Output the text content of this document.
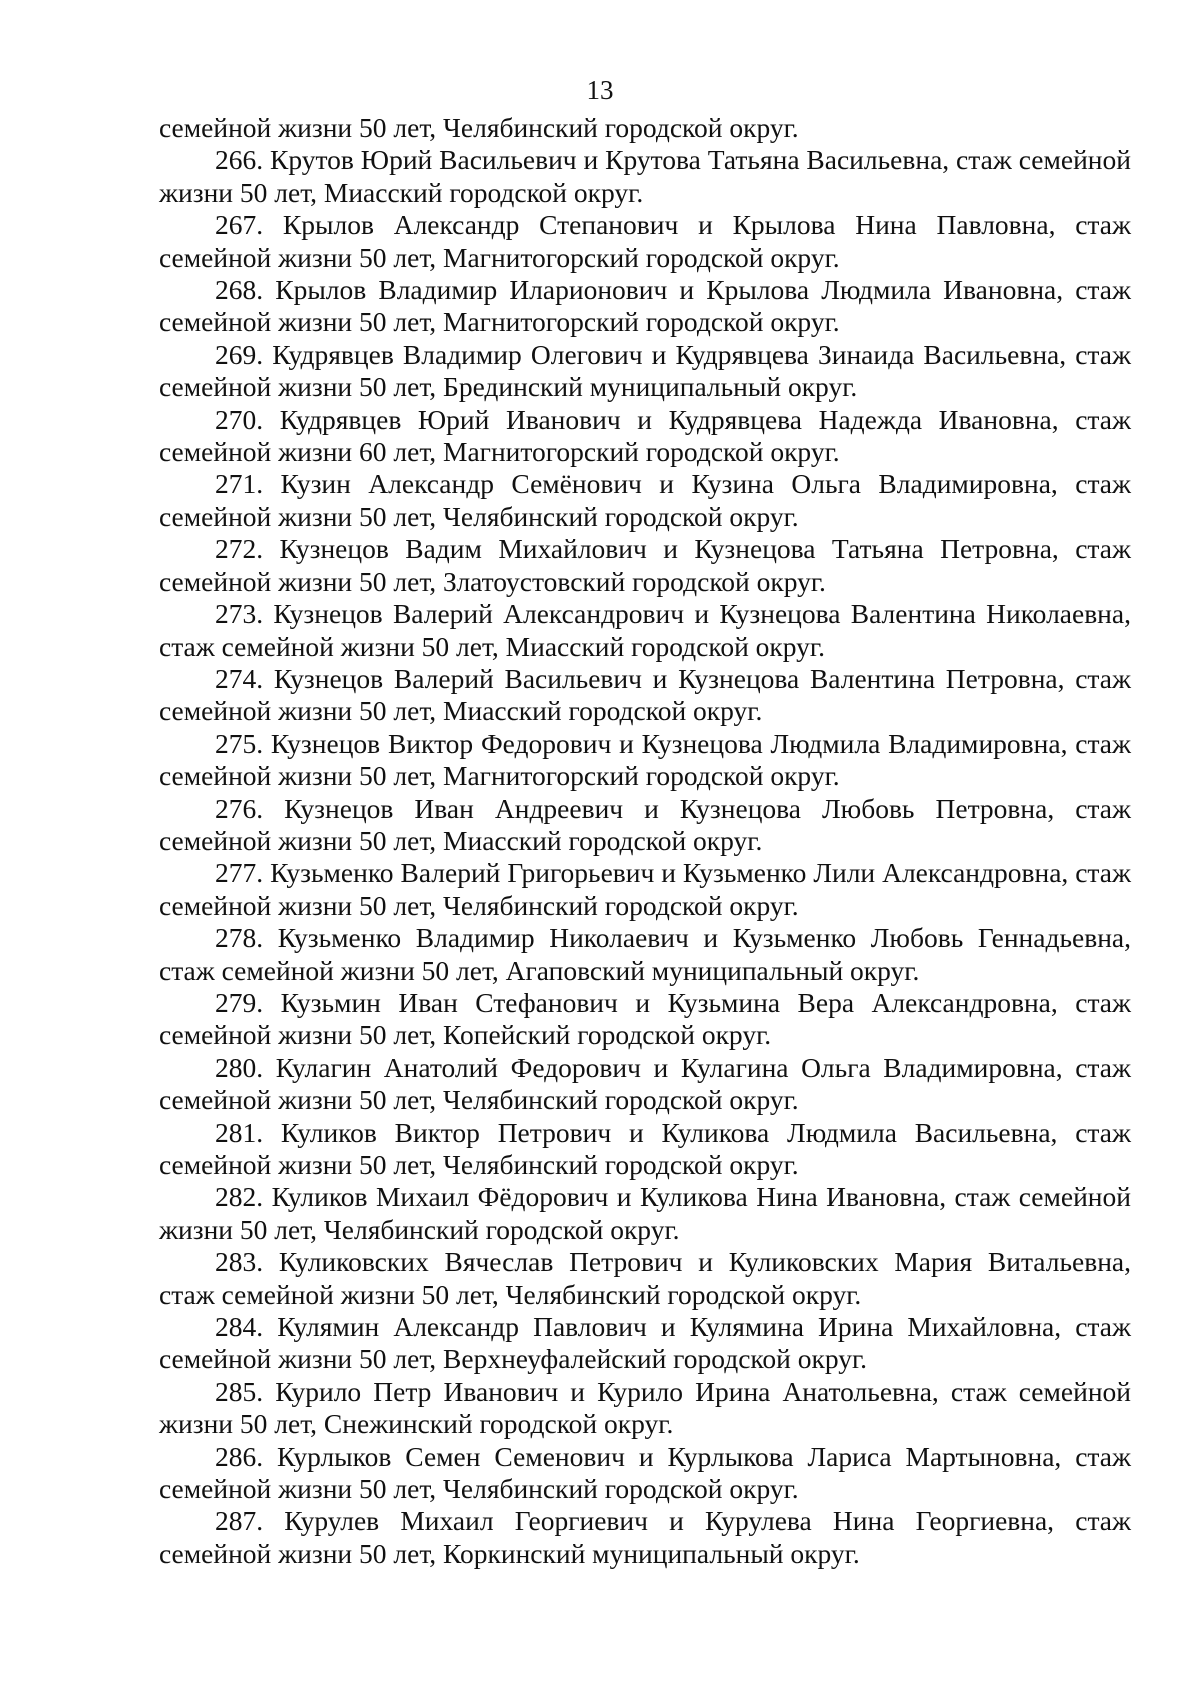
13

семейной жизни 50 лет, Челябинский городской округ.

266. Крутов Юрий Васильевич и Крутова Татьяна Васильевна, стаж семейной жизни 50 лет, Миасский городской округ.

267. Крылов Александр Степанович и Крылова Нина Павловна, стаж семейной жизни 50 лет, Магнитогорский городской округ.

268. Крылов Владимир Иларионович и Крылова Людмила Ивановна, стаж семейной жизни 50 лет, Магнитогорский городской округ.

269. Кудрявцев Владимир Олегович и Кудрявцева Зинаида Васильевна, стаж семейной жизни 50 лет, Брединский муниципальный округ.

270. Кудрявцев Юрий Иванович и Кудрявцева Надежда Ивановна, стаж семейной жизни 60 лет, Магнитогорский городской округ.

271. Кузин Александр Семёнович и Кузина Ольга Владимировна, стаж семейной жизни 50 лет, Челябинский городской округ.

272. Кузнецов Вадим Михайлович и Кузнецова Татьяна Петровна, стаж семейной жизни 50 лет, Златоустовский городской округ.

273. Кузнецов Валерий Александрович и Кузнецова Валентина Николаевна, стаж семейной жизни 50 лет, Миасский городской округ.

274. Кузнецов Валерий Васильевич и Кузнецова Валентина Петровна, стаж семейной жизни 50 лет, Миасский городской округ.

275. Кузнецов Виктор Федорович и Кузнецова Людмила Владимировна, стаж семейной жизни 50 лет, Магнитогорский городской округ.

276. Кузнецов Иван Андреевич и Кузнецова Любовь Петровна, стаж семейной жизни 50 лет, Миасский городской округ.

277. Кузьменко Валерий Григорьевич и Кузьменко Лили Александровна, стаж семейной жизни 50 лет, Челябинский городской округ.

278. Кузьменко Владимир Николаевич и Кузьменко Любовь Геннадьевна, стаж семейной жизни 50 лет, Агаповский муниципальный округ.

279. Кузьмин Иван Стефанович и Кузьмина Вера Александровна, стаж семейной жизни 50 лет, Копейский городской округ.

280. Кулагин Анатолий Федорович и Кулагина Ольга Владимировна, стаж семейной жизни 50 лет, Челябинский городской округ.

281. Куликов Виктор Петрович и Куликова Людмила Васильевна, стаж семейной жизни 50 лет, Челябинский городской округ.

282. Куликов Михаил Фёдорович и Куликова Нина Ивановна, стаж семейной жизни 50 лет, Челябинский городской округ.

283. Куликовских Вячеслав Петрович и Куликовских Мария Витальевна, стаж семейной жизни 50 лет, Челябинский городской округ.

284. Кулямин Александр Павлович и Кулямина Ирина Михайловна, стаж семейной жизни 50 лет, Верхнеуфалейский городской округ.

285. Курило Петр Иванович и Курило Ирина Анатольевна, стаж семейной жизни 50 лет, Снежинский городской округ.

286. Курлыков Семен Семенович и Курлыкова Лариса Мартыновна, стаж семейной жизни 50 лет, Челябинский городской округ.

287. Курулев Михаил Георгиевич и Курулева Нина Георгиевна, стаж семейной жизни 50 лет, Коркинский муниципальный округ.
